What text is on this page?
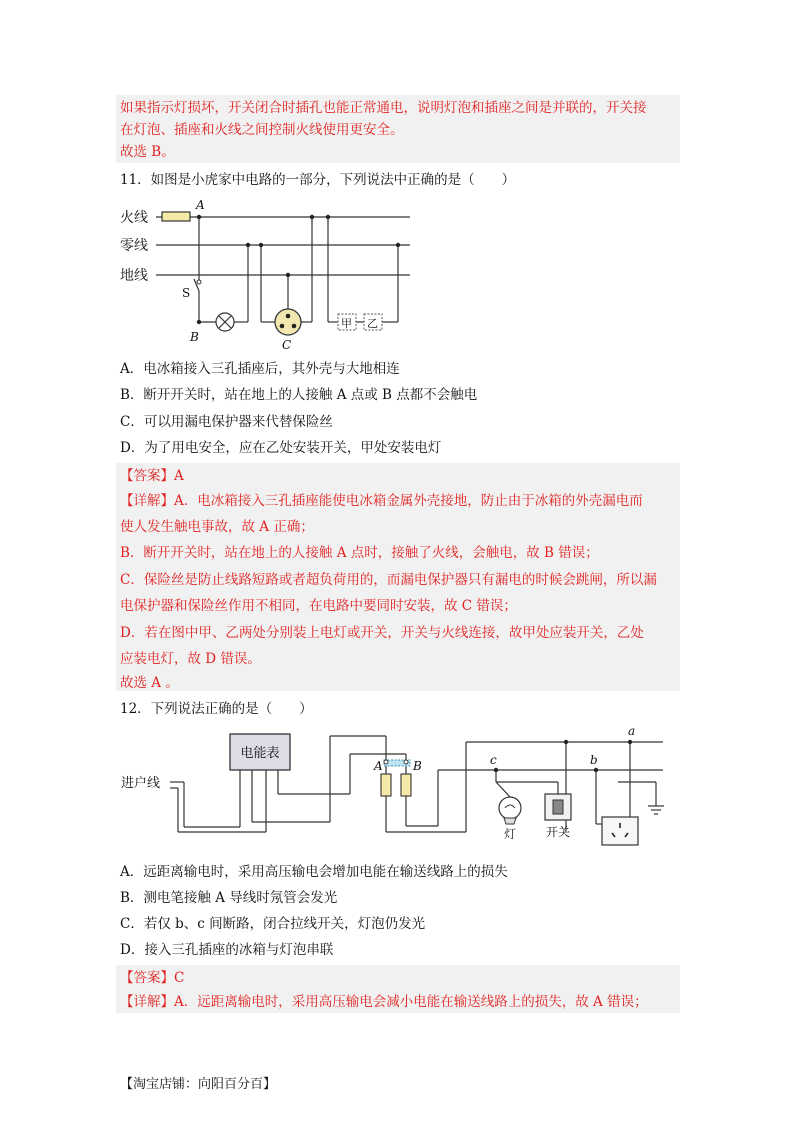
如果指示灯损坏，开关闭合时插孔也能正常通电，说明灯泡和插座之间是并联的，开关接
在灯泡、插座和火线之间控制火线使用更安全。
故选 B。
11．如图是小虎家中电路的一部分，下列说法中正确的是（　　）
火线
零线
地线
A
S
B
C
甲 乙
A．电冰箱接入三孔插座后，其外壳与大地相连
B．断开开关时，站在地上的人接触 A 点或 B 点都不会触电
C．可以用漏电保护器来代替保险丝
D．为了用电安全，应在乙处安装开关，甲处安装电灯
【答案】A
【详解】A．电冰箱接入三孔插座能使电冰箱金属外壳接地，防止由于冰箱的外壳漏电而
使人发生触电事故，故 A 正确；
B．断开开关时，站在地上的人接触 A 点时，接触了火线，会触电，故 B 错误；
C．保险丝是防止线路短路或者超负荷用的，而漏电保护器只有漏电的时候会跳闸，所以漏
电保护器和保险丝作用不相同，在电路中要同时安装，故 C 错误；
D．若在图中甲、乙两处分别装上电灯或开关，开关与火线连接，故甲处应装开关，乙处
应装电灯，故 D 错误。
故选 A 。
12．下列说法正确的是（　　）
电能表
进户线
A	B
a
b
c
灯 开关
A．远距离输电时，采用高压输电会增加电能在输送线路上的损失
B．测电笔接触 A 导线时氖管会发光
C．若仅 b、c 间断路，闭合拉线开关，灯泡仍发光
D．接入三孔插座的冰箱与灯泡串联
【答案】C
【详解】A．远距离输电时，采用高压输电会减小电能在输送线路上的损失，故 A 错误；
【淘宝店铺：向阳百分百】
